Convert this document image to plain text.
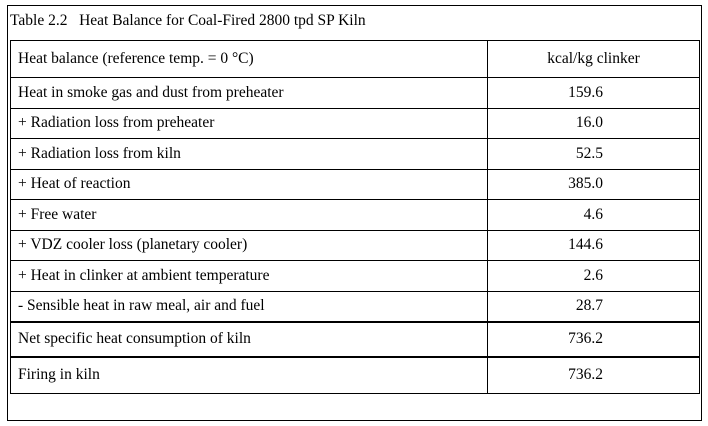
Table 2.2   Heat Balance for Coal-Fired 2800 tpd SP Kiln
Heat balance (reference temp. = 0 °C)	kcal/kg clinker
Heat in smoke gas and dust from preheater	159.6
+ Radiation loss from preheater	16.0
+ Radiation loss from kiln	52.5
+ Heat of reaction	385.0
+ Free water	4.6
+ VDZ cooler loss (planetary cooler)	144.6
+ Heat in clinker at ambient temperature	2.6
- Sensible heat in raw meal, air and fuel	28.7
Net specific heat consumption of kiln	736.2
Firing in kiln	736.2
